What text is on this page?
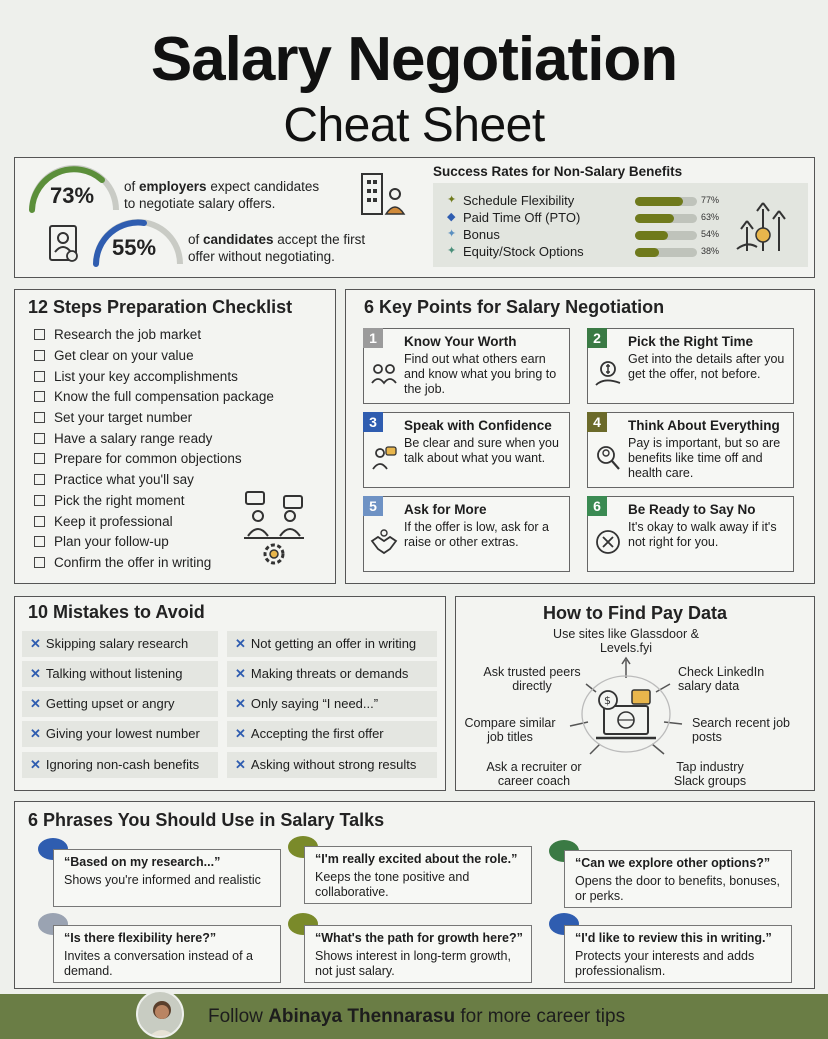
Salary Negotiation
Cheat Sheet
73% of employers expect candidates
to negotiate salary offers.
55% of candidates accept the first
offer without negotiating.
Success Rates for Non-Salary Benefits
✦ Schedule Flexibility	77%
◆ Paid Time Off (PTO)	63%
✦ Bonus	54%
✦ Equity/Stock Options	38%
12 Steps Preparation Checklist
Research the job market
Get clear on your value
List your key accomplishments
Know the full compensation package
Set your target number
Have a salary range ready
Prepare for common objections
Practice what you'll say
Pick the right moment
Keep it professional
Plan your follow-up
Confirm the offer in writing
6 Key Points for Salary Negotiation
1	Know Your Worth
Find out what others earn and know what you bring to the job.
2	Pick the Right Time
Get into the details after you get the offer, not before.
3	Speak with Confidence
Be clear and sure when you talk about what you want.
4	Think About Everything
Pay is important, but so are benefits like time off and health care.
5	Ask for More
If the offer is low, ask for a raise or other extras.
6	Be Ready to Say No
It's okay to walk away if it's not right for you.
10 Mistakes to Avoid
✕ Skipping salary research	✕ Not getting an offer in writing
✕ Talking without listening	✕ Making threats or demands
✕ Getting upset or angry	✕ Only saying “I need...”
✕ Giving your lowest number	✕ Accepting the first offer
✕ Ignoring non-cash benefits	✕ Asking without strong results
How to Find Pay Data
Use sites like Glassdoor & Levels.fyi
Ask trusted peers directly
Check LinkedIn salary data
Compare similar job titles
Search recent job posts
Ask a recruiter or career coach
Tap industry Slack groups
$
6 Phrases You Should Use in Salary Talks
“Based on my research...”
Shows you're informed and realistic
“I'm really excited about the role.”
Keeps the tone positive and collaborative.
“Can we explore other options?”
Opens the door to benefits, bonuses, or perks.
“Is there flexibility here?”
Invites a conversation instead of a demand.
“What's the path for growth here?”
Shows interest in long-term growth, not just salary.
“I'd like to review this in writing.”
Protects your interests and adds professionalism.
Follow Abinaya Thennarasu for more career tips
